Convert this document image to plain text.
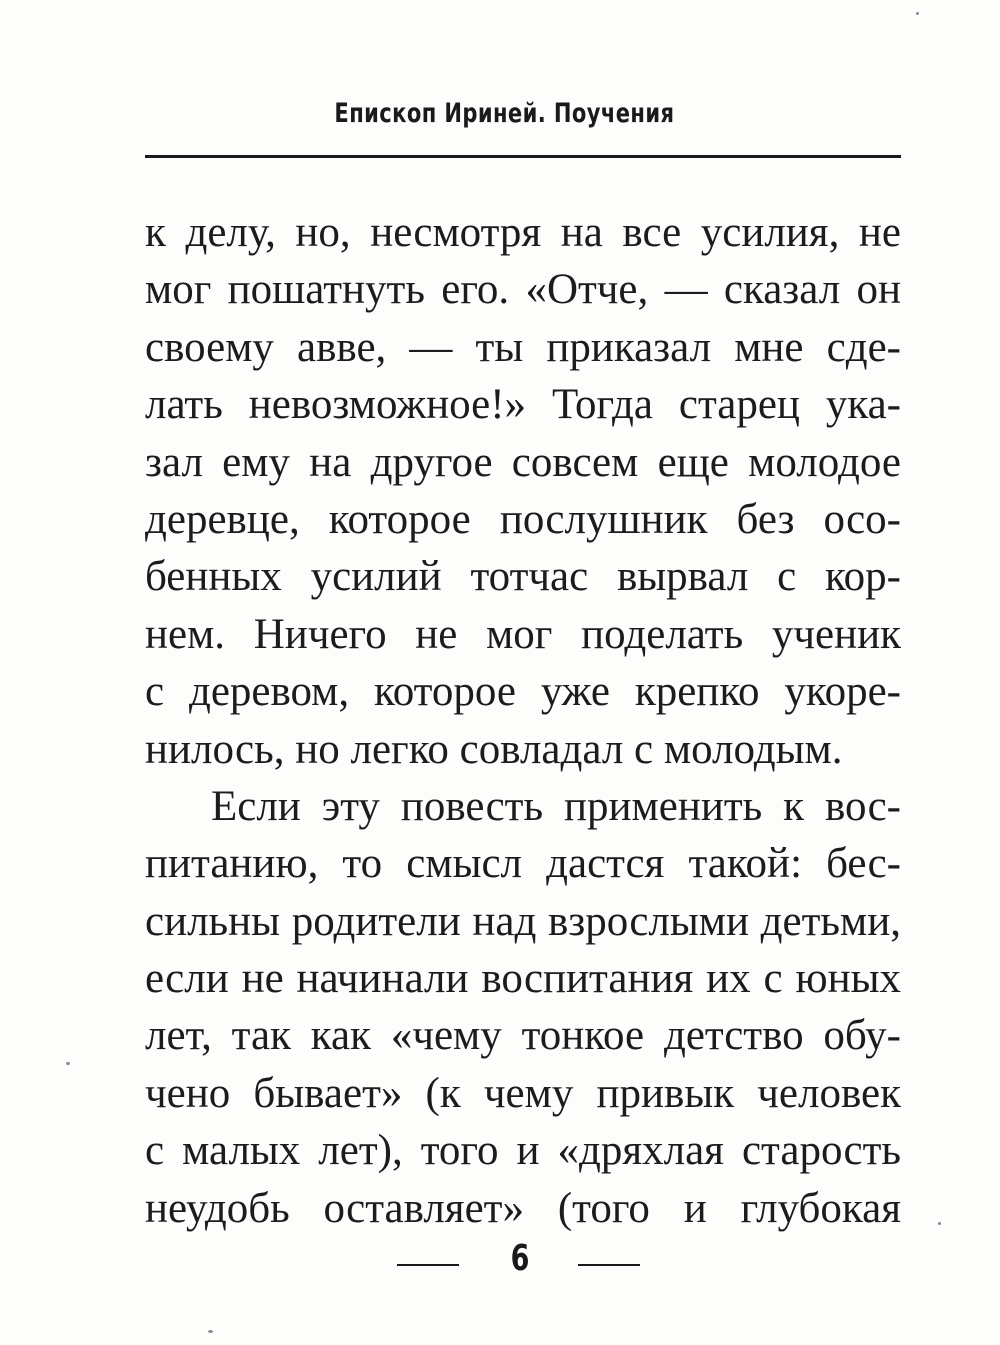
Епископ Ириней. Поучения
к делу, но, несмотря на все усилия, не
мог пошатнуть его. «Отче, — сказал он
своему авве, — ты приказал мне сде-
лать невозможное!» Тогда старец ука-
зал ему на другое совсем еще молодое
деревце, которое послушник без осо-
бенных усилий тотчас вырвал с кор-
нем. Ничего не мог поделать ученик
с деревом, которое уже крепко укоре-
нилось, но легко совладал с молодым.
Если эту повесть применить к вос-
питанию, то смысл дастся такой: бес-
сильны родители над взрослыми детьми,
если не начинали воспитания их с юных
лет, так как «чему тонкое детство обу-
чено бывает» (к чему привык человек
с малых лет), того и «дряхлая старость
неудобь оставляет» (того и глубокая
6
